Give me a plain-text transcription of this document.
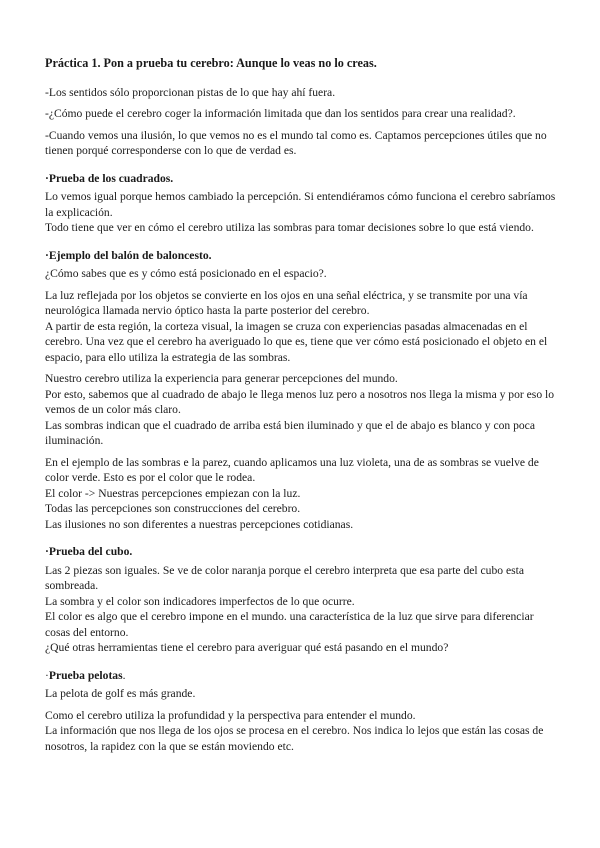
Práctica 1. Pon a prueba tu cerebro: Aunque lo veas no lo creas.

-Los sentidos sólo proporcionan pistas de lo que hay ahí fuera.

-¿Cómo puede el cerebro coger la información limitada que dan los sentidos para crear una realidad?.

-Cuando vemos una ilusión, lo que vemos no es el mundo tal como es. Captamos percepciones útiles que no tienen porqué corresponderse con lo que de verdad es.

·Prueba de los cuadrados.

Lo vemos igual porque hemos cambiado la percepción. Si entendiéramos cómo funciona el cerebro sabríamos la explicación.

Todo tiene que ver en cómo el cerebro utiliza las sombras para tomar decisiones sobre lo que está viendo.

·Ejemplo del balón de baloncesto.

¿Cómo sabes que es y cómo está posicionado en el espacio?.

La luz reflejada por los objetos se convierte en los ojos en una señal eléctrica, y se transmite por una vía neurológica llamada nervio óptico hasta la parte posterior del cerebro.

A partir de esta región, la corteza visual, la imagen se cruza con experiencias pasadas almacenadas en el cerebro. Una vez que el cerebro ha averiguado lo que es, tiene que ver cómo está posicionado el objeto en el espacio, para ello utiliza la estrategia de las sombras.

Nuestro cerebro utiliza la experiencia para generar percepciones del mundo.

Por esto, sabemos que al cuadrado de abajo le llega menos luz pero a nosotros nos llega la misma y por eso lo vemos de un color más claro.

Las sombras indican que el cuadrado de arriba está bien iluminado y que el de abajo es blanco y con poca iluminación.

En el ejemplo de las sombras e la parez, cuando aplicamos una luz violeta, una de as sombras se vuelve de color verde. Esto es por el color que le rodea.

El color -> Nuestras percepciones empiezan con la luz.

Todas las percepciones son construcciones del cerebro.

Las ilusiones no son diferentes a nuestras percepciones cotidianas.

·Prueba del cubo.

Las 2 piezas son iguales. Se ve de color naranja porque el cerebro interpreta que esa parte del cubo esta sombreada.

La sombra y el color son indicadores imperfectos de lo que ocurre.

El color es algo que el cerebro impone en el mundo. una característica de la luz que sirve para diferenciar cosas del entorno.

¿Qué otras herramientas tiene el cerebro para averiguar qué está pasando en el mundo?

·Prueba pelotas.

La pelota de golf es más grande.

Como el cerebro utiliza la profundidad y la perspectiva para entender el mundo.

La información que nos llega de los ojos se procesa en el cerebro. Nos indica lo lejos que están las cosas de nosotros, la rapidez con la que se están moviendo etc.
